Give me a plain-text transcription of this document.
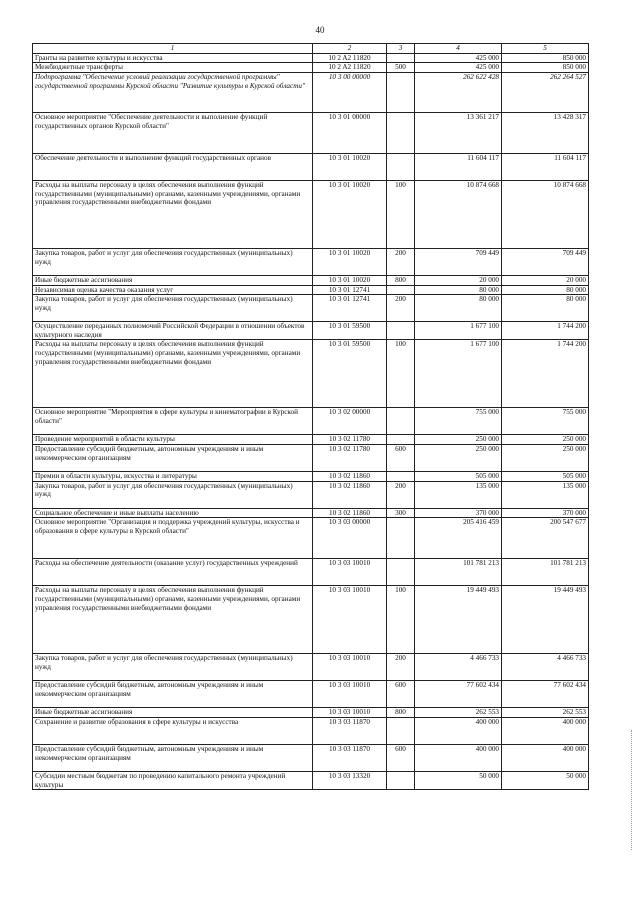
40
1	2	3	4	5
Гранты на развитие культуры и искусства	10 2 A2 11820		425 000	850 000
Межбюджетные трансферты	10 2 A2 11820	500	425 000	850 000
Подпрограмма "Обеспечение условий реализации государственной программы" государственной программы Курской области "Развитие культуры в Курской области"	10 3 00 00000		262 622 428	262 264 527
Основное мероприятие "Обеспечение деятельности и выполнение функций государственных органов Курской области"	10 3 01 00000		13 361 217	13 428 317
Обеспечение деятельности и выполнение функций государственных органов	10 3 01 10020		11 604 117	11 604 117
Расходы на выплаты персоналу в целях обеспечения выполнения функций государственными (муниципальными) органами, казенными учреждениями, органами управления государственными внебюджетными фондами	10 3 01 10020	100	10 874 668	10 874 668
Закупка товаров, работ и услуг для обеспечения государственных (муниципальных) нужд	10 3 01 10020	200	709 449	709 449
Иные бюджетные ассигнования	10 3 01 10020	800	20 000	20 000
Независимая оценка качества оказания услуг	10 3 01 12741		80 000	80 000
Закупка товаров, работ и услуг для обеспечения государственных (муниципальных) нужд	10 3 01 12741	200	80 000	80 000
Осуществление переданных полномочий Российской Федерации в отношении объектов культурного наследия	10 3 01 59500		1 677 100	1 744 200
Расходы на выплаты персоналу в целях обеспечения выполнения функций государственными (муниципальными) органами, казенными учреждениями, органами управления государственными внебюджетными фондами	10 3 01 59500	100	1 677 100	1 744 200
Основное мероприятие "Мероприятия в сфере культуры и кинематографии в Курской области"	10 3 02 00000		755 000	755 000
Проведение мероприятий в области культуры	10 3 02 11780		250 000	250 000
Предоставление субсидий бюджетным, автономным учреждениям и иным некоммерческим организациям	10 3 02 11780	600	250 000	250 000
Премии в области культуры, искусства и литературы	10 3 02 11860		505 000	505 000
Закупка товаров, работ и услуг для обеспечения государственных (муниципальных) нужд	10 3 02 11860	200	135 000	135 000
Социальное обеспечение и иные выплаты населению	10 3 02 11860	300	370 000	370 000
Основное мероприятие "Организация и поддержка учреждений культуры, искусства и образования в сфере культуры в Курской области"	10 3 03 00000		205 416 459	200 547 677
Расходы на обеспечение деятельности (оказание услуг) государственных учреждений	10 3 03 10010		101 781 213	101 781 213
Расходы на выплаты персоналу в целях обеспечения выполнения функций государственными (муниципальными) органами, казенными учреждениями, органами управления государственными внебюджетными фондами	10 3 03 10010	100	19 449 493	19 449 493
Закупка товаров, работ и услуг для обеспечения государственных (муниципальных) нужд	10 3 03 10010	200	4 466 733	4 466 733
Предоставление субсидий бюджетным, автономным учреждениям и иным некоммерческим организациям	10 3 03 10010	600	77 602 434	77 602 434
Иные бюджетные ассигнования	10 3 03 10010	800	262 553	262 553
Сохранение и развитие образования в сфере культуры и искусства	10 3 03 11870		400 000	400 000
Предоставление субсидий бюджетным, автономным учреждениям и иным некоммерческим организациям	10 3 03 11870	600	400 000	400 000
Субсидии местным бюджетам по проведению капитального ремонта учреждений культуры	10 3 03 13320		50 000	50 000
